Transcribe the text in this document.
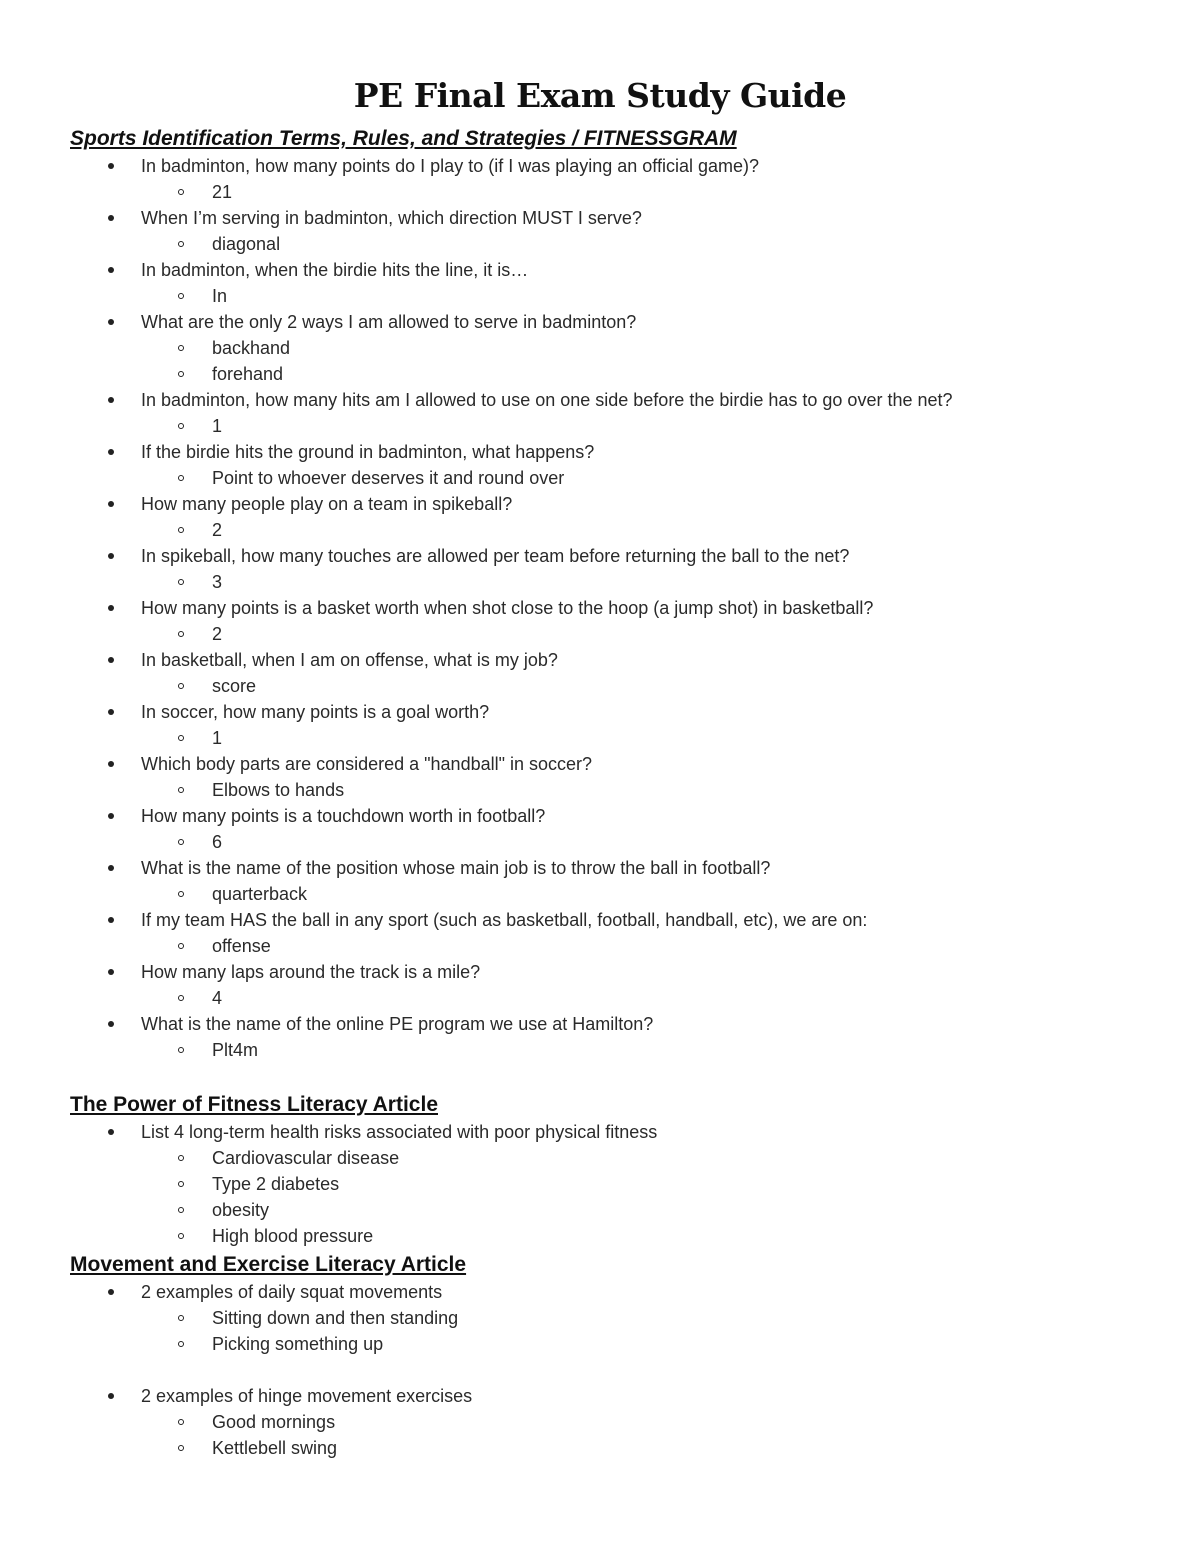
PE Final Exam Study Guide
Sports Identification Terms, Rules, and Strategies / FITNESSGRAM
In badminton, how many points do I play to (if I was playing an official game)?
21
When I’m serving in badminton, which direction MUST I serve?
diagonal
In badminton, when the birdie hits the line, it is…
In
What are the only 2 ways I am allowed to serve in badminton?
backhand
forehand
In badminton, how many hits am I allowed to use on one side before the birdie has to go over the net?
1
If the birdie hits the ground in badminton, what happens?
Point to whoever deserves it and round over
How many people play on a team in spikeball?
2
In spikeball, how many touches are allowed per team before returning the ball to the net?
3
How many points is a basket worth when shot close to the hoop (a jump shot) in basketball?
2
In basketball, when I am on offense, what is my job?
score
In soccer, how many points is a goal worth?
1
Which body parts are considered a "handball" in soccer?
Elbows to hands
How many points is a touchdown worth in football?
6
What is the name of the position whose main job is to throw the ball in football?
quarterback
If my team HAS the ball in any sport (such as basketball, football, handball, etc), we are on:
offense
How many laps around the track is a mile?
4
What is the name of the online PE program we use at Hamilton?
Plt4m
The Power of Fitness Literacy Article
List 4 long-term health risks associated with poor physical fitness
Cardiovascular disease
Type 2 diabetes
obesity
High blood pressure
Movement and Exercise Literacy Article
2 examples of daily squat movements
Sitting down and then standing
Picking something up
2 examples of hinge movement exercises
Good mornings
Kettlebell swing
